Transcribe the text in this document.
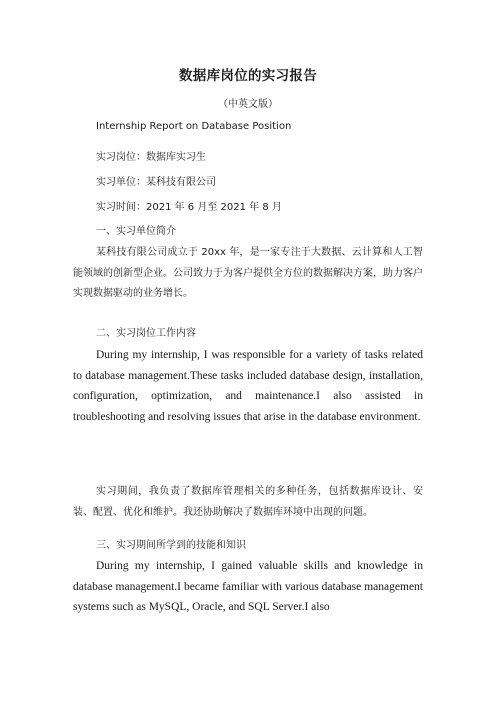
数据库岗位的实习报告
（中英文版）
Internship Report on Database Position
实习岗位：数据库实习生
实习单位：某科技有限公司
实习时间：2021 年 6 月至 2021 年 8 月
一、实习单位简介
某科技有限公司成立于 20xx 年，是一家专注于大数据、云计算和人工智能领域的创新型企业。公司致力于为客户提供全方位的数据解决方案，助力客户实现数据驱动的业务增长。
二、实习岗位工作内容
During my internship, I was responsible for a variety of tasks related to database management.These tasks included database design, installation, configuration, optimization, and maintenance.I also assisted in troubleshooting and resolving issues that arise in the database environment.
实习期间，我负责了数据库管理相关的多种任务，包括数据库设计、安装、配置、优化和维护。我还协助解决了数据库环境中出现的问题。
三、实习期间所学到的技能和知识
During my internship, I gained valuable skills and knowledge in database management.I became familiar with various database management systems such as MySQL, Oracle, and SQL Server.I also
